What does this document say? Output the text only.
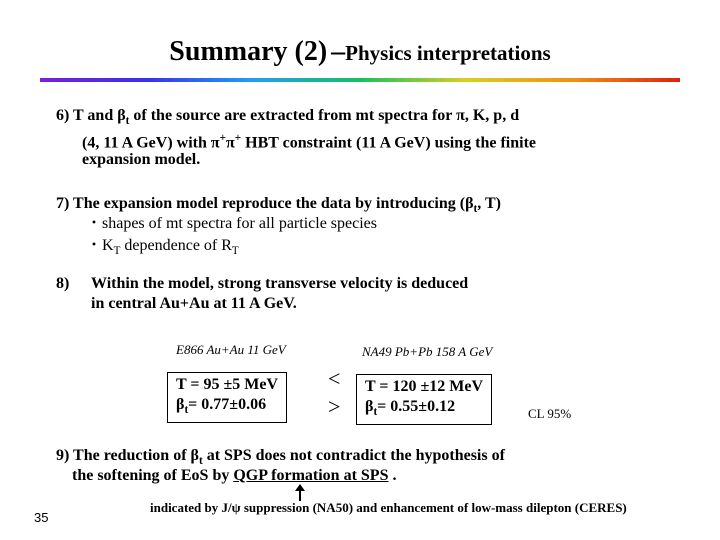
Summary (2) –Physics interpretations
6) T and $\beta_t$ of the source are extracted from mt spectra for π, K, p, d
(4, 11 A GeV) with π+π+ HBT constraint (11 A GeV) using the finite
expansion model.
7) The expansion model reproduce the data by introducing ($\beta_t$, T)
・shapes of mt spectra for all particle species
・$K_T$ dependence of $R_T$
8) Within the model, strong transverse velocity is deduced
in central Au+Au at 11 A GeV.
E866 Au+Au 11 GeV	NA49 Pb+Pb 158 A GeV
T = 95 ±5 MeV
$\beta_t= 0.77\pm 0.06$
<
>
T = 120 ±12 MeV
$\beta_t= 0.55\pm 0.12$	CL 95%
9) The reduction of $\beta_t$ at SPS does not contradict the hypothesis of
the softening of EoS by QGP formation at SPS .
indicated by J/ψ suppression (NA50) and enhancement of low-mass dilepton (CERES)
35
